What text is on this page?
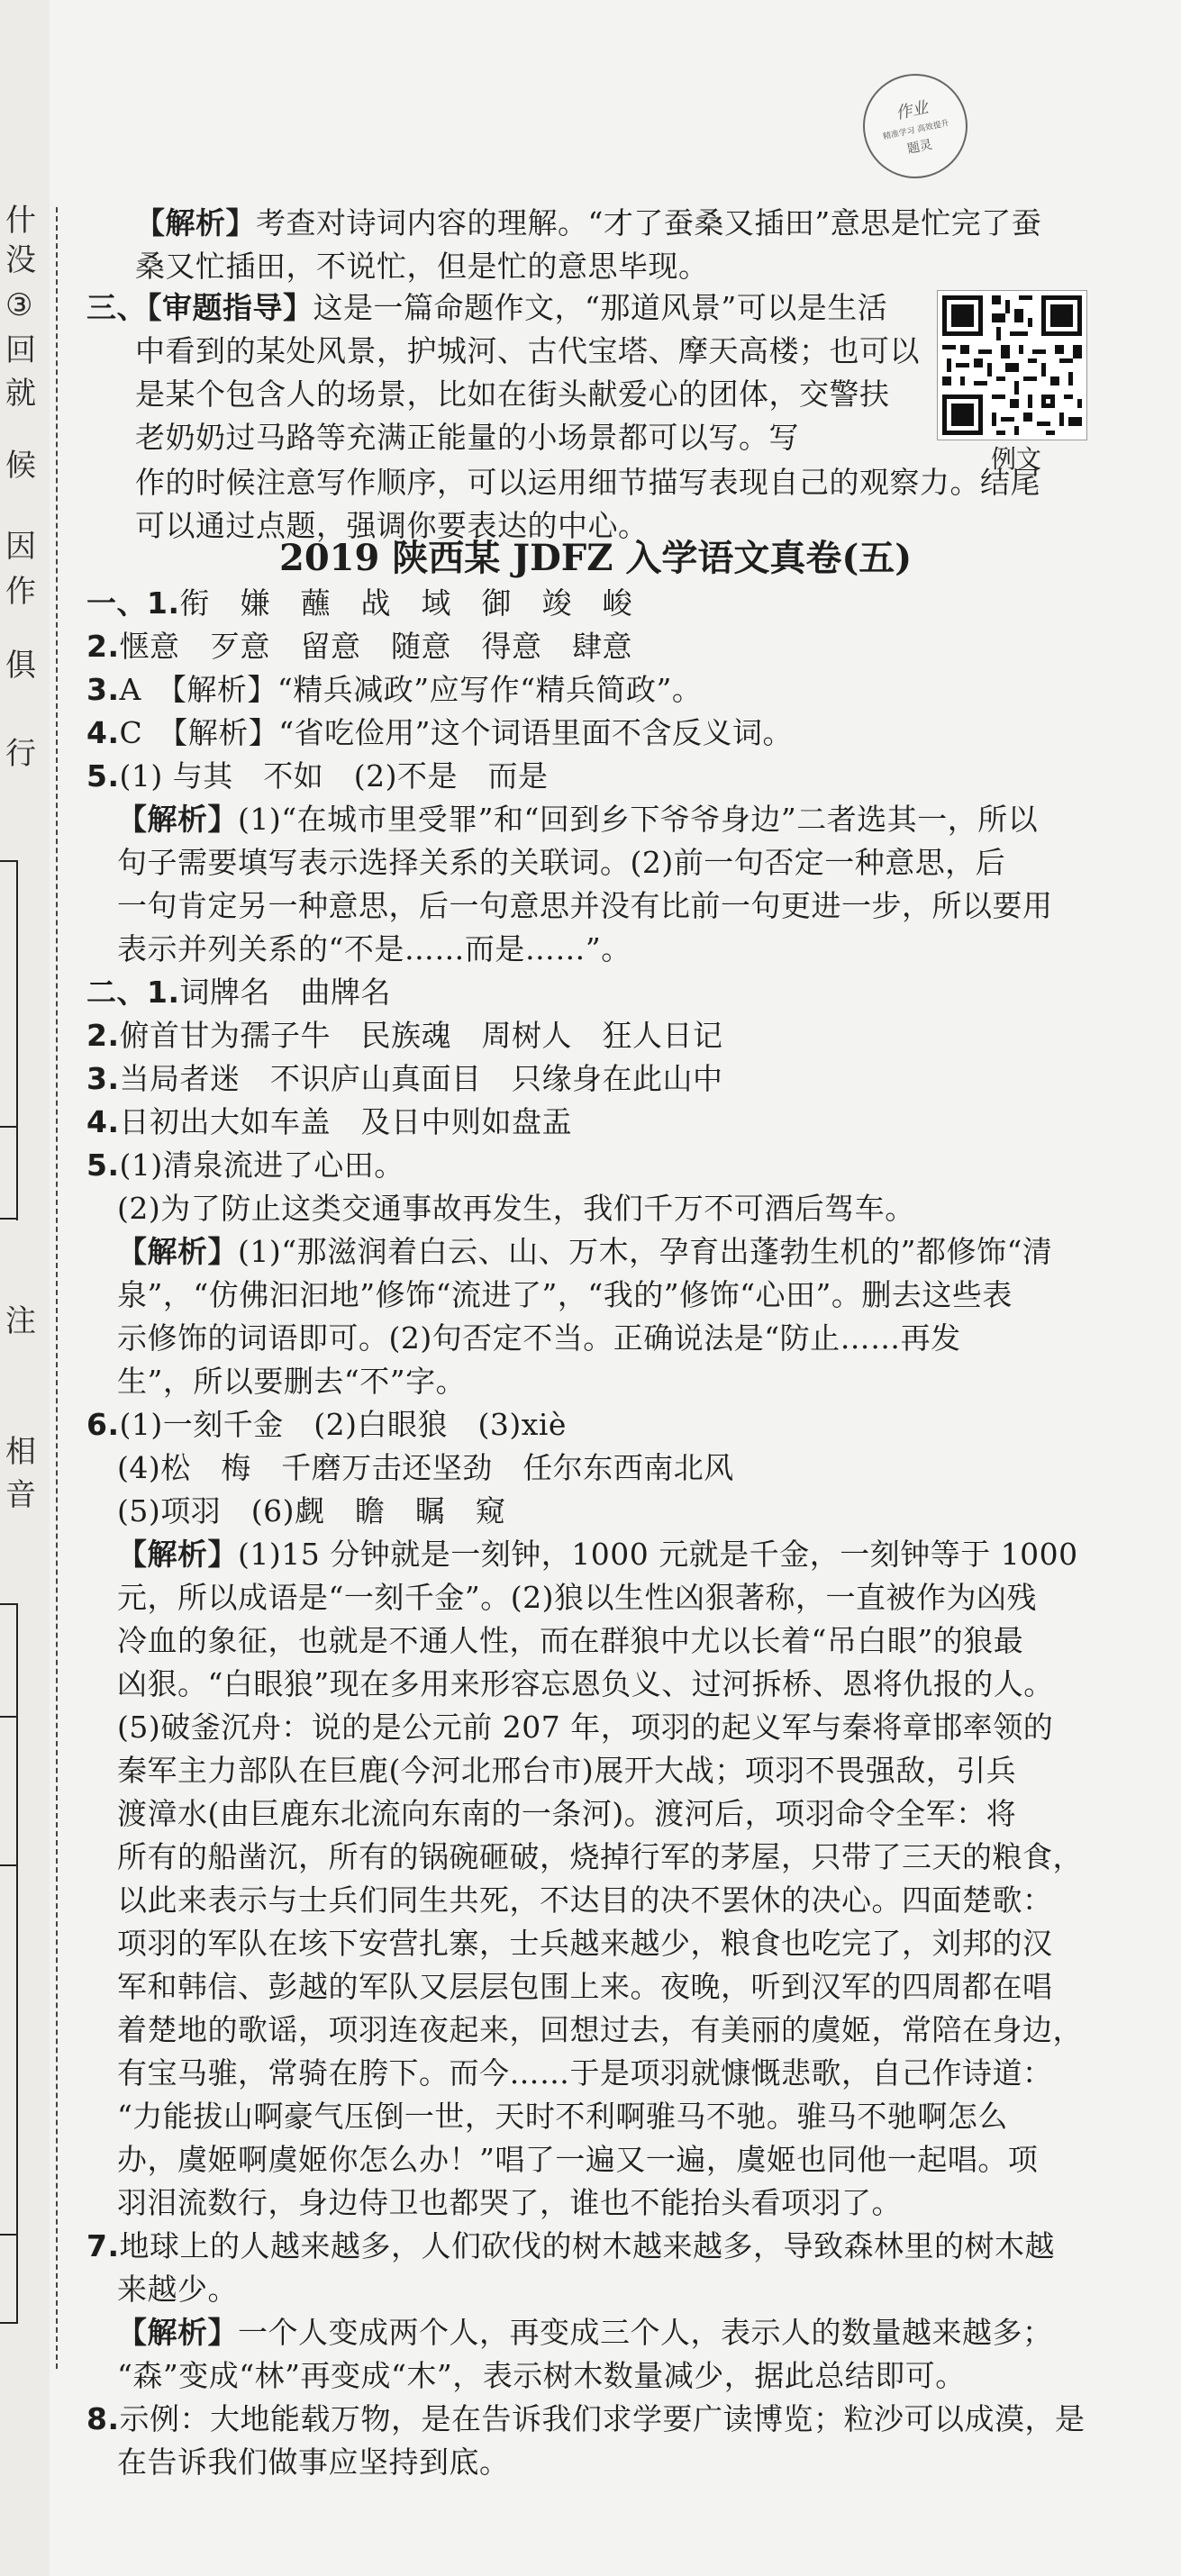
什
没
③
回
就
候
因
作
俱
行
注
相
音
作业
精准学习 高效提升
题灵
例文
2019 陕西某 JDFZ 入学语文真卷(五)
【解析】考查对诗词内容的理解。“才了蚕桑又插田”意思是忙完了蚕
桑又忙插田，不说忙，但是忙的意思毕现。
三、【审题指导】这是一篇命题作文，“那道风景”可以是生活
中看到的某处风景，护城河、古代宝塔、摩天高楼；也可以
是某个包含人的场景，比如在街头献爱心的团体，交警扶
老奶奶过马路等充满正能量的小场景都可以写。写
作的时候注意写作顺序，可以运用细节描写表现自己的观察力。结尾
可以通过点题，强调你要表达的中心。
一、1.衔　嫌　蘸　战　域　御　竣　峻
2.惬意　歹意　留意　随意　得意　肆意
3.A　【解析】“精兵减政”应写作“精兵简政”。
4.C　【解析】“省吃俭用”这个词语里面不含反义词。
5.(1) 与其　不如　(2)不是　而是
【解析】(1)“在城市里受罪”和“回到乡下爷爷身边”二者选其一，所以
句子需要填写表示选择关系的关联词。(2)前一句否定一种意思，后
一句肯定另一种意思，后一句意思并没有比前一句更进一步，所以要用
表示并列关系的“不是……而是……”。
二、1.词牌名　曲牌名
2.俯首甘为孺子牛　民族魂　周树人　狂人日记
3.当局者迷　不识庐山真面目　只缘身在此山中
4.日初出大如车盖　及日中则如盘盂
5.(1)清泉流进了心田。
(2)为了防止这类交通事故再发生，我们千万不可酒后驾车。
【解析】(1)“那滋润着白云、山、万木，孕育出蓬勃生机的”都修饰“清
泉”，“仿佛汩汩地”修饰“流进了”，“我的”修饰“心田”。删去这些表
示修饰的词语即可。(2)句否定不当。正确说法是“防止……再发
生”，所以要删去“不”字。
6.(1)一刻千金　(2)白眼狼　(3)xiè
(4)松　梅　千磨万击还坚劲　任尔东西南北风
(5)项羽　(6)觑　瞻　瞩　窥
【解析】(1)15 分钟就是一刻钟，1000 元就是千金，一刻钟等于 1000
元，所以成语是“一刻千金”。(2)狼以生性凶狠著称，一直被作为凶残
冷血的象征，也就是不通人性，而在群狼中尤以长着“吊白眼”的狼最
凶狠。“白眼狼”现在多用来形容忘恩负义、过河拆桥、恩将仇报的人。
(5)破釜沉舟：说的是公元前 207 年，项羽的起义军与秦将章邯率领的
秦军主力部队在巨鹿(今河北邢台市)展开大战；项羽不畏强敌，引兵
渡漳水(由巨鹿东北流向东南的一条河)。渡河后，项羽命令全军：将
所有的船凿沉，所有的锅碗砸破，烧掉行军的茅屋，只带了三天的粮食，
以此来表示与士兵们同生共死，不达目的决不罢休的决心。四面楚歌：
项羽的军队在垓下安营扎寨，士兵越来越少，粮食也吃完了，刘邦的汉
军和韩信、彭越的军队又层层包围上来。夜晚，听到汉军的四周都在唱
着楚地的歌谣，项羽连夜起来，回想过去，有美丽的虞姬，常陪在身边，
有宝马骓，常骑在胯下。而今……于是项羽就慷慨悲歌，自己作诗道：
“力能拔山啊豪气压倒一世，天时不利啊骓马不驰。骓马不驰啊怎么
办，虞姬啊虞姬你怎么办！”唱了一遍又一遍，虞姬也同他一起唱。项
羽泪流数行，身边侍卫也都哭了，谁也不能抬头看项羽了。
7.地球上的人越来越多，人们砍伐的树木越来越多，导致森林里的树木越
来越少。
【解析】一个人变成两个人，再变成三个人，表示人的数量越来越多；
“森”变成“林”再变成“木”，表示树木数量减少，据此总结即可。
8.示例：大地能载万物，是在告诉我们求学要广读博览；粒沙可以成漠，是
在告诉我们做事应坚持到底。
